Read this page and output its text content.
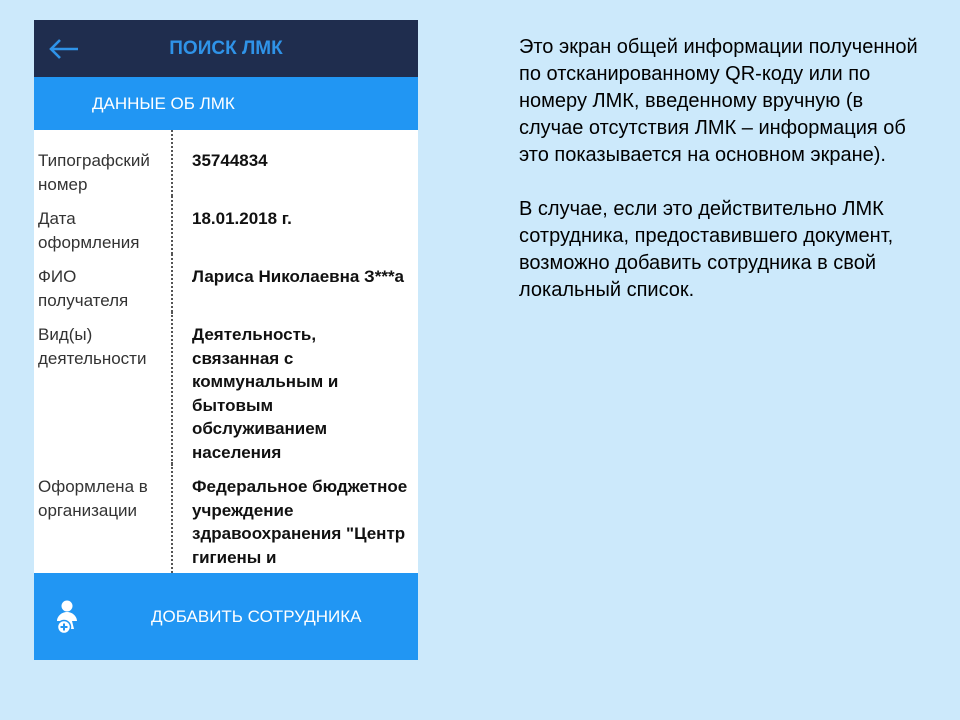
ПОИСК ЛМК
ДАННЫЕ ОБ ЛМК
Типографский номер
35744834
Дата оформления
18.01.2018 г.
ФИО получателя
Лариса Николаевна З***а
Вид(ы) деятельности
Деятельность, связанная с коммунальным и бытовым обслуживанием населения
Оформлена в организации
Федеральное бюджетное учреждение здравоохранения "Центр гигиены и
ДОБАВИТЬ СОТРУДНИКА

Это экран общей информации полученной по отсканированному QR-коду или по номеру ЛМК, введенному вручную (в случае отсутствия ЛМК – информация об это показывается на основном экране).

В случае, если это действительно ЛМК сотрудника, предоставившего документ, возможно добавить сотрудника в свой локальный список.
